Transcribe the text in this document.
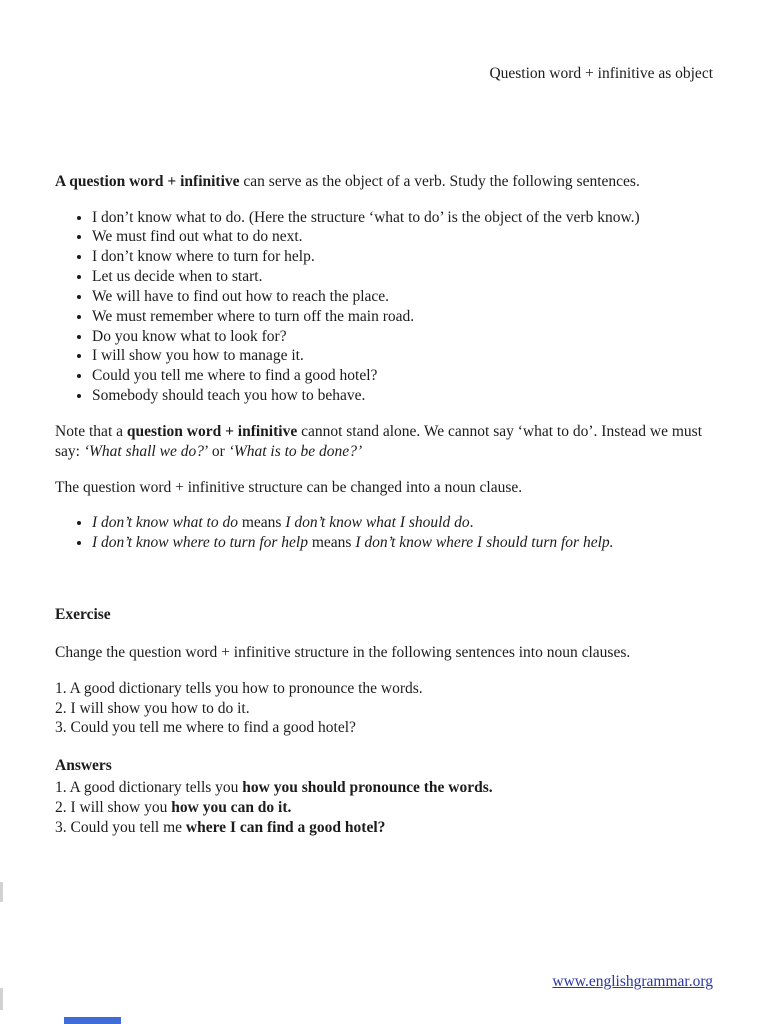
Question word + infinitive as object

A question word + infinitive can serve as the object of a verb. Study the following sentences.

• I don’t know what to do. (Here the structure ‘what to do’ is the object of the verb know.)
• We must find out what to do next.
• I don’t know where to turn for help.
• Let us decide when to start.
• We will have to find out how to reach the place.
• We must remember where to turn off the main road.
• Do you know what to look for?
• I will show you how to manage it.
• Could you tell me where to find a good hotel?
• Somebody should teach you how to behave.

Note that a question word + infinitive cannot stand alone. We cannot say ‘what to do’. Instead we must say: ‘What shall we do?’ or ‘What is to be done?’

The question word + infinitive structure can be changed into a noun clause.

• I don’t know what to do means I don’t know what I should do.
• I don’t know where to turn for help means I don’t know where I should turn for help.
Exercise

Change the question word + infinitive structure in the following sentences into noun clauses.

1. A good dictionary tells you how to pronounce the words.
2. I will show you how to do it.
3. Could you tell me where to find a good hotel?
Answers
1. A good dictionary tells you how you should pronounce the words.
2. I will show you how you can do it.
3. Could you tell me where I can find a good hotel?
www.englishgrammar.org
